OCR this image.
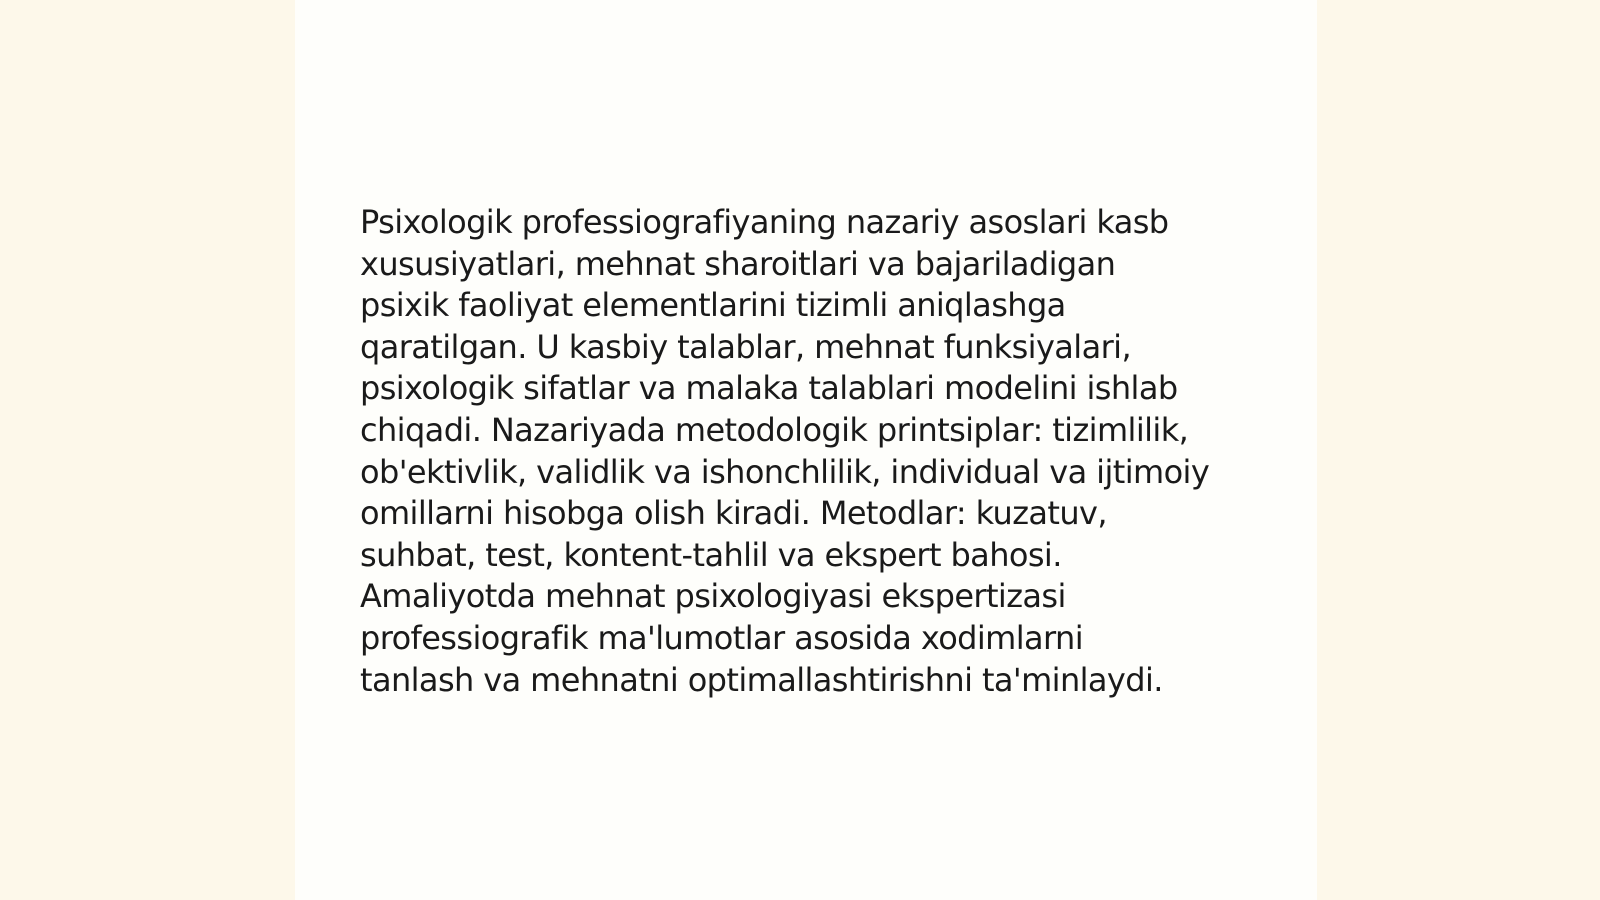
Psixologik professiografiyaning nazariy asoslari kasb
xususiyatlari, mehnat sharoitlari va bajariladigan
psixik faoliyat elementlarini tizimli aniqlashga
qaratilgan. U kasbiy talablar, mehnat funksiyalari,
psixologik sifatlar va malaka talablari modelini ishlab
chiqadi. Nazariyada metodologik printsiplar: tizimlilik,
ob'ektivlik, validlik va ishonchlilik, individual va ijtimoiy
omillarni hisobga olish kiradi. Metodlar: kuzatuv,
suhbat, test, kontent-tahlil va ekspert bahosi.
Amaliyotda mehnat psixologiyasi ekspertizasi
professiografik ma'lumotlar asosida xodimlarni
tanlash va mehnatni optimallashtirishni ta'minlaydi.
